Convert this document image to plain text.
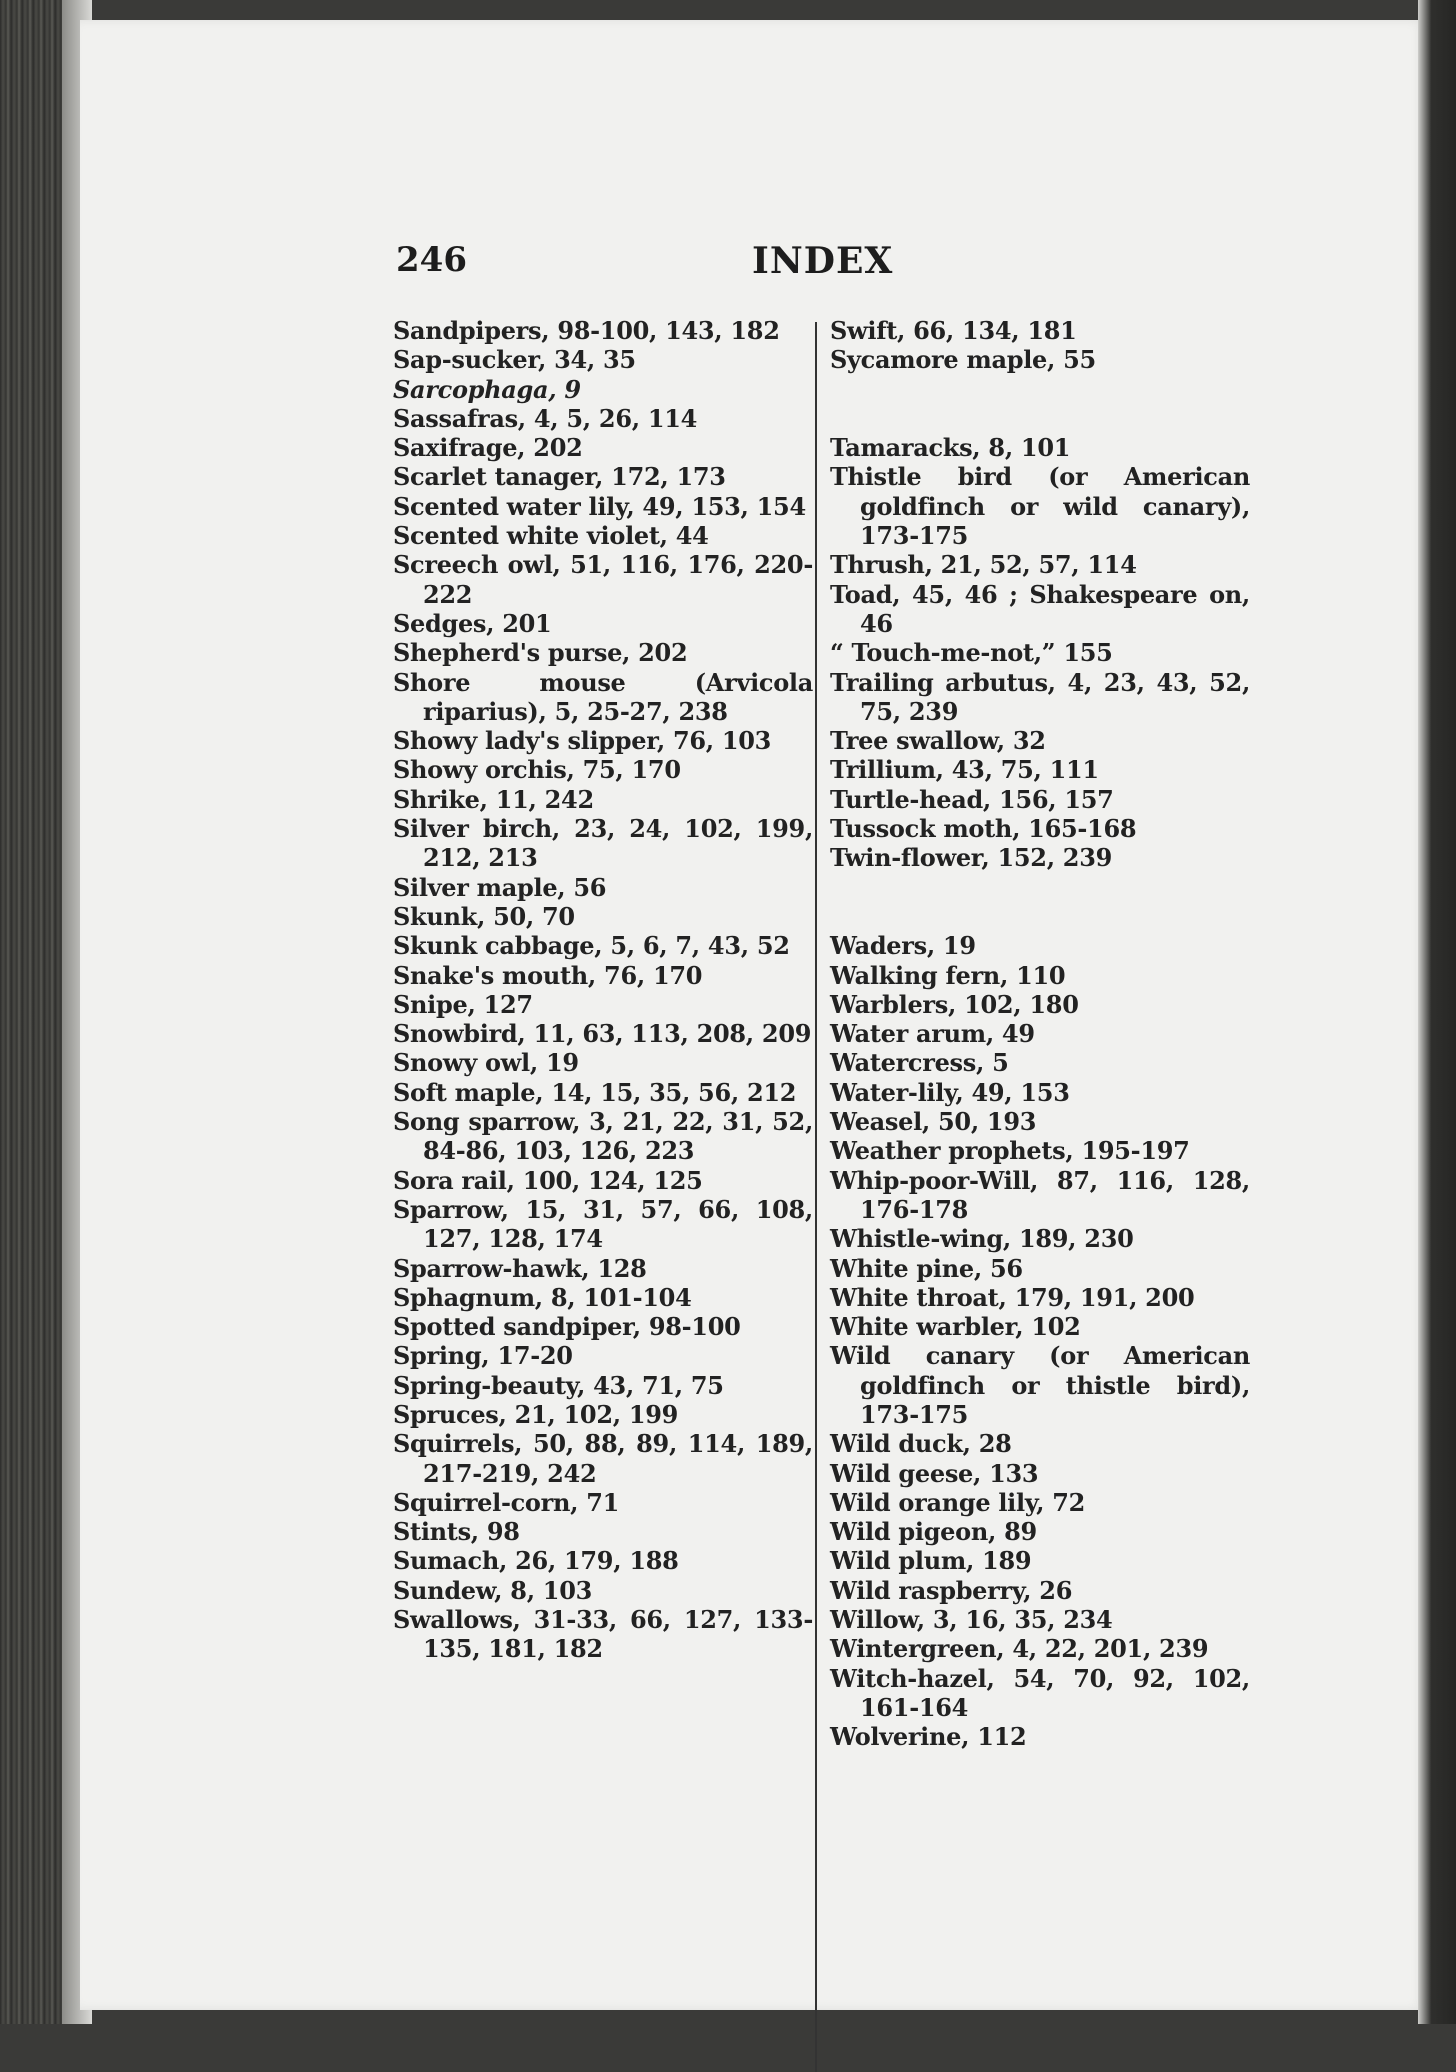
246	INDEX

Sandpipers, 98-100, 143, 182

Sap-sucker, 34, 35

Sarcophaga, 9

Sassafras, 4, 5, 26, 114

Saxifrage, 202

Scarlet tanager, 172, 173

Scented water lily, 49, 153, 154

Scented white violet, 44

Screech owl, 51, 116, 176, 220-222

Sedges, 201

Shepherd's purse, 202

Shore mouse (Arvicola riparius), 5, 25-27, 238

Showy lady's slipper, 76, 103

Showy orchis, 75, 170

Shrike, 11, 242

Silver birch, 23, 24, 102, 199, 212, 213

Silver maple, 56

Skunk, 50, 70

Skunk cabbage, 5, 6, 7, 43, 52

Snake's mouth, 76, 170

Snipe, 127

Snowbird, 11, 63, 113, 208, 209

Snowy owl, 19

Soft maple, 14, 15, 35, 56, 212

Song sparrow, 3, 21, 22, 31, 52, 84-86, 103, 126, 223

Sora rail, 100, 124, 125

Sparrow, 15, 31, 57, 66, 108, 127, 128, 174

Sparrow-hawk, 128

Sphagnum, 8, 101-104

Spotted sandpiper, 98-100

Spring, 17-20

Spring-beauty, 43, 71, 75

Spruces, 21, 102, 199

Squirrels, 50, 88, 89, 114, 189, 217-219, 242

Squirrel-corn, 71

Stints, 98

Sumach, 26, 179, 188

Sundew, 8, 103

Swallows, 31-33, 66, 127, 133-135, 181, 182

Swift, 66, 134, 181

Sycamore maple, 55

Tamaracks, 8, 101

Thistle bird (or American goldfinch or wild canary), 173-175

Thrush, 21, 52, 57, 114

Toad, 45, 46 ; Shakespeare on, 46

“ Touch-me-not,” 155

Trailing arbutus, 4, 23, 43, 52, 75, 239

Tree swallow, 32

Trillium, 43, 75, 111

Turtle-head, 156, 157

Tussock moth, 165-168

Twin-flower, 152, 239

Waders, 19

Walking fern, 110

Warblers, 102, 180

Water arum, 49

Watercress, 5

Water-lily, 49, 153

Weasel, 50, 193

Weather prophets, 195-197

Whip-poor-Will, 87, 116, 128, 176-178

Whistle-wing, 189, 230

White pine, 56

White throat, 179, 191, 200

White warbler, 102

Wild canary (or American goldfinch or thistle bird), 173-175

Wild duck, 28

Wild geese, 133

Wild orange lily, 72

Wild pigeon, 89

Wild plum, 189

Wild raspberry, 26

Willow, 3, 16, 35, 234

Wintergreen, 4, 22, 201, 239

Witch-hazel, 54, 70, 92, 102, 161-164

Wolverine, 112
